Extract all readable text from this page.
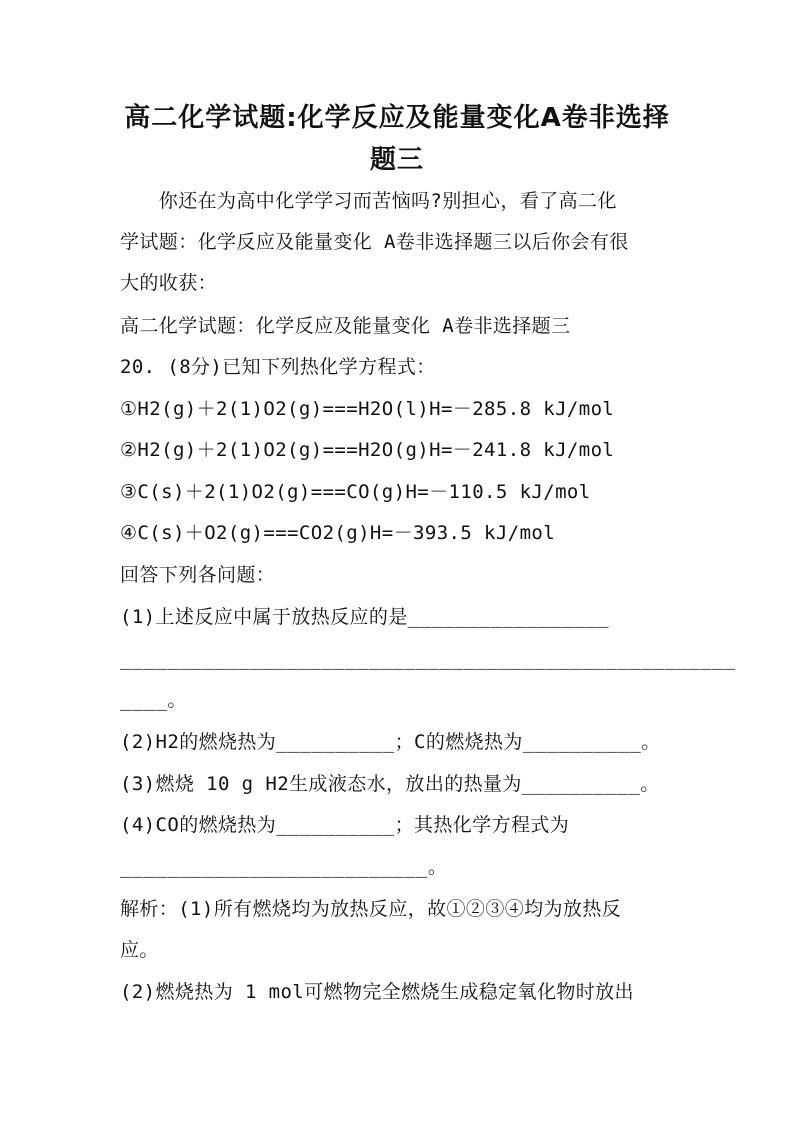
高二化学试题:化学反应及能量变化A卷非选择
题三
　　你还在为高中化学学习而苦恼吗?别担心，看了高二化
学试题：化学反应及能量变化 A卷非选择题三以后你会有很
大的收获：
高二化学试题：化学反应及能量变化 A卷非选择题三
20. (8分)已知下列热化学方程式：
①H2(g)＋2(1)O2(g)===H2O(l)H=－285.8 kJ/mol
②H2(g)＋2(1)O2(g)===H2O(g)H=－241.8 kJ/mol
③C(s)＋2(1)O2(g)===CO(g)H=－110.5 kJ/mol
④C(s)＋O2(g)===CO2(g)H=－393.5 kJ/mol
回答下列各问题：
(1)上述反应中属于放热反应的是_________________
____________________________________________________
____。
(2)H2的燃烧热为__________；C的燃烧热为__________。
(3)燃烧 10 g H2生成液态水，放出的热量为__________。
(4)CO的燃烧热为__________；其热化学方程式为
__________________________。
解析：(1)所有燃烧均为放热反应，故①②③④均为放热反
应。
(2)燃烧热为 1 mol可燃物完全燃烧生成稳定氧化物时放出
